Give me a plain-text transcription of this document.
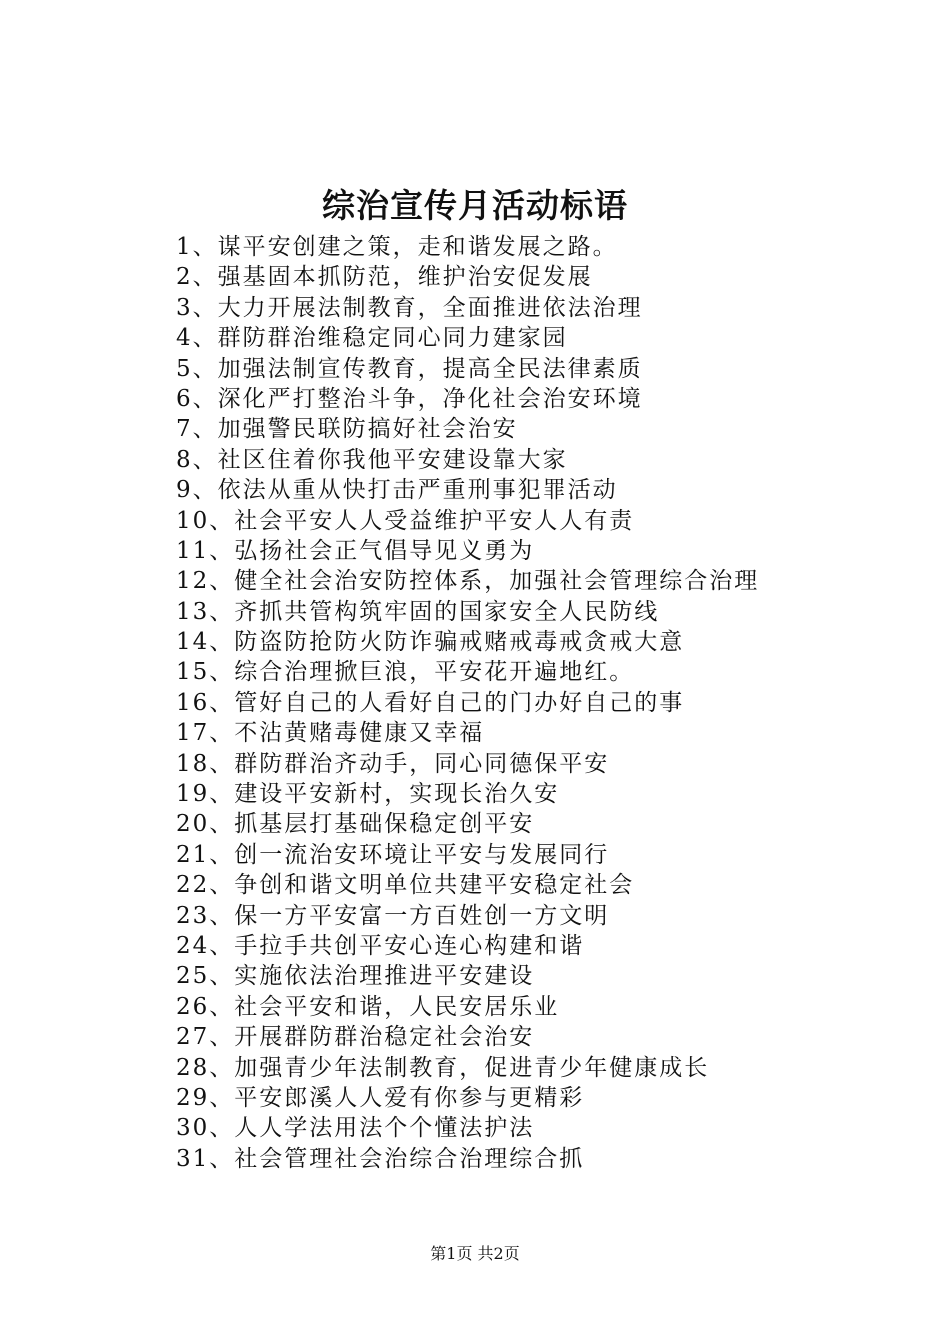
综治宣传月活动标语
1、谋平安创建之策，走和谐发展之路。
2、强基固本抓防范，维护治安促发展
3、大力开展法制教育，全面推进依法治理
4、群防群治维稳定同心同力建家园
5、加强法制宣传教育，提高全民法律素质
6、深化严打整治斗争，净化社会治安环境
7、加强警民联防搞好社会治安
8、社区住着你我他平安建设靠大家
9、依法从重从快打击严重刑事犯罪活动
10、社会平安人人受益维护平安人人有责
11、弘扬社会正气倡导见义勇为
12、健全社会治安防控体系，加强社会管理综合治理
13、齐抓共管构筑牢固的国家安全人民防线
14、防盗防抢防火防诈骗戒赌戒毒戒贪戒大意
15、综合治理掀巨浪，平安花开遍地红。
16、管好自己的人看好自己的门办好自己的事
17、不沾黄赌毒健康又幸福
18、群防群治齐动手，同心同德保平安
19、建设平安新村，实现长治久安
20、抓基层打基础保稳定创平安
21、创一流治安环境让平安与发展同行
22、争创和谐文明单位共建平安稳定社会
23、保一方平安富一方百姓创一方文明
24、手拉手共创平安心连心构建和谐
25、实施依法治理推进平安建设
26、社会平安和谐，人民安居乐业
27、开展群防群治稳定社会治安
28、加强青少年法制教育，促进青少年健康成长
29、平安郎溪人人爱有你参与更精彩
30、人人学法用法个个懂法护法
31、社会管理社会治综合治理综合抓
第1页 共2页
